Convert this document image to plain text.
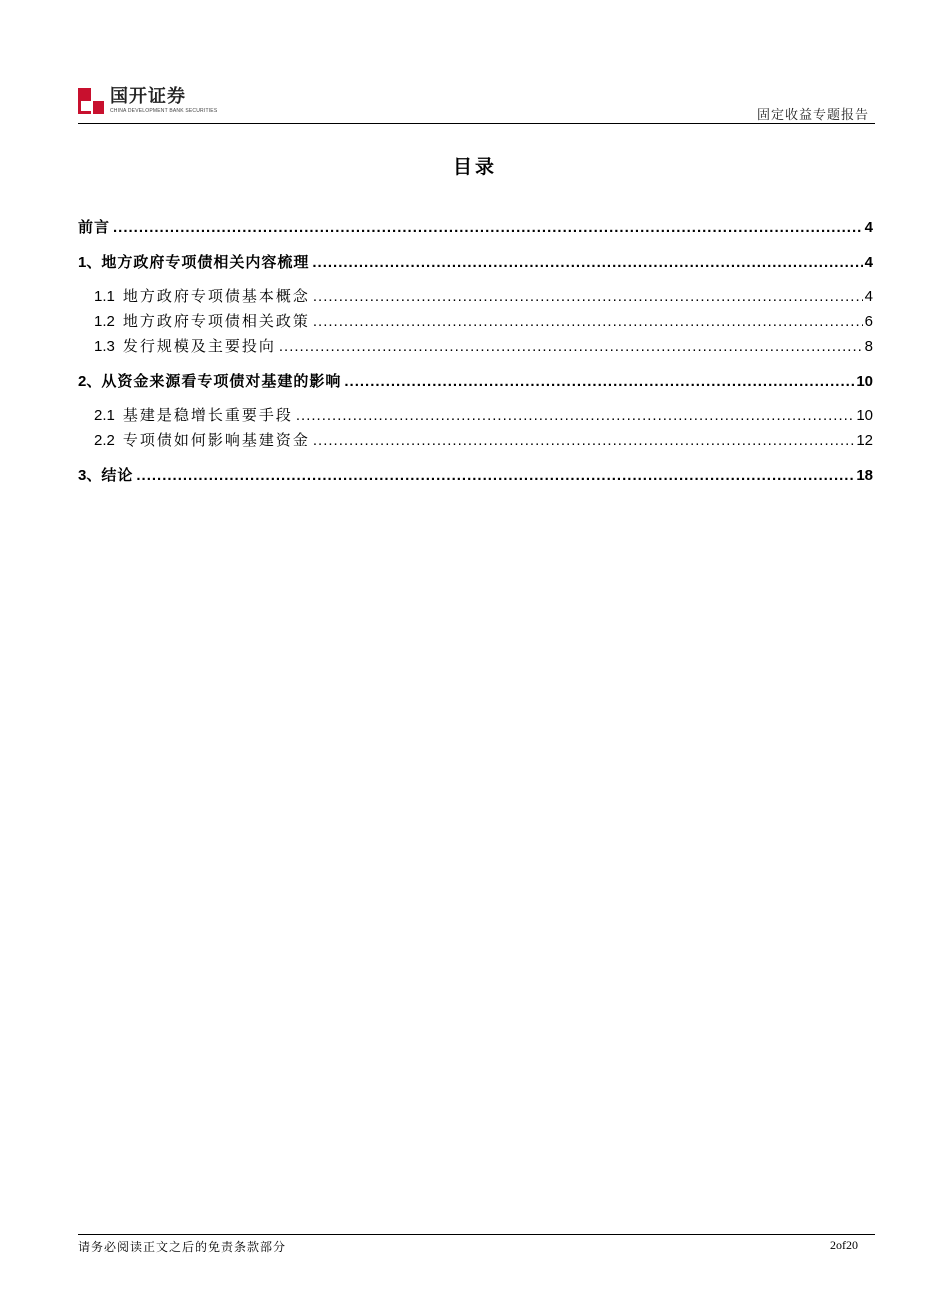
国开证券
CHINA DEVELOPMENT BANK SECURITIES	固定收益专题报告
目录
前言 .....	4
1、 地方政府专项债相关内容梳理 .....	4
1.1 地方政府专项债基本概念 .....	4
1.2 地方政府专项债相关政策 .....	6
1.3 发行规模及主要投向 .....	8
2、 从资金来源看专项债对基建的影响 .....	10
2.1 基建是稳增长重要手段 .....	10
2.2 专项债如何影响基建资金 .....	12
3、 结论 .....	18
请务必阅读正文之后的免责条款部分	2of20
